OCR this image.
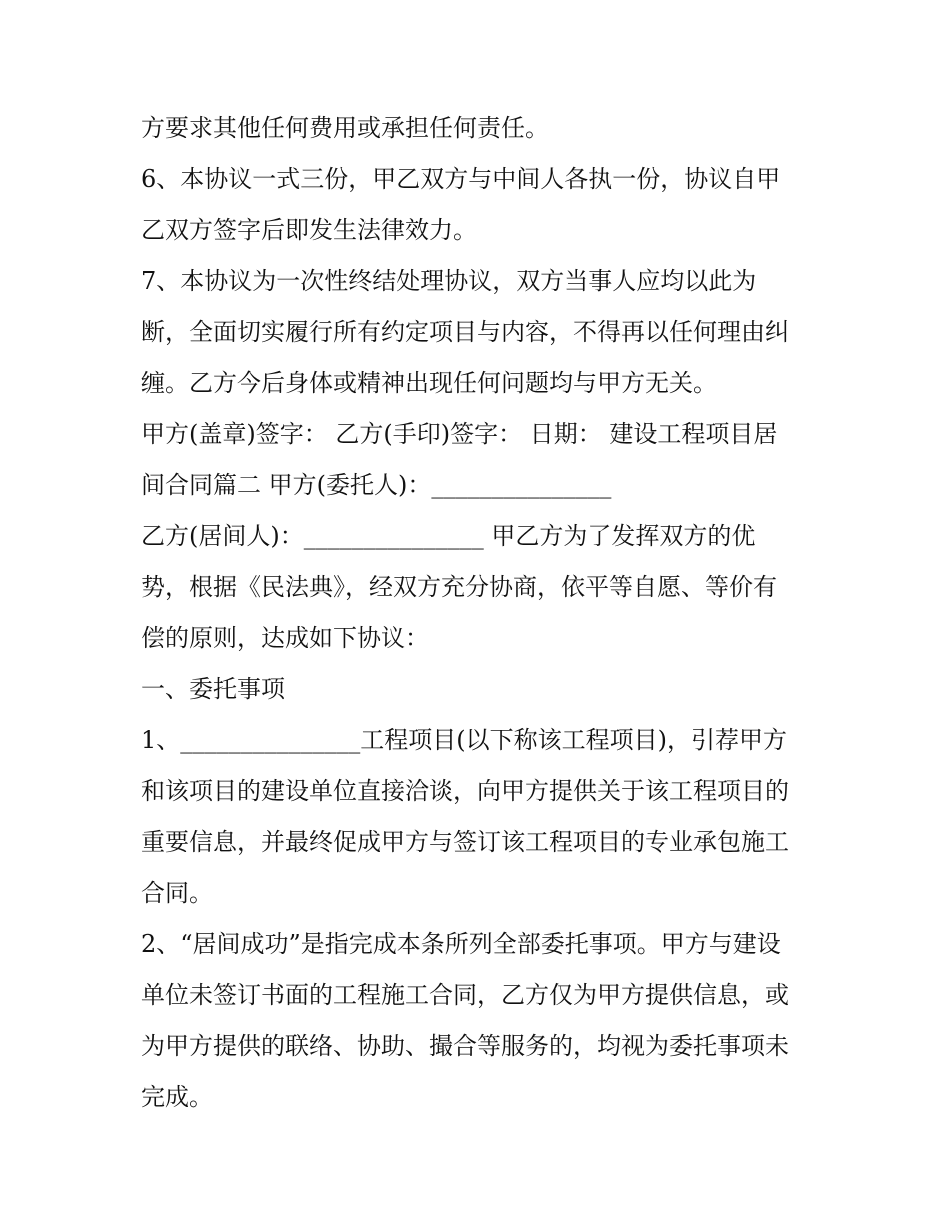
方要求其他任何费用或承担任何责任。
6、本协议一式三份，甲乙双方与中间人各执一份，协议自甲
乙双方签字后即发生法律效力。
7、本协议为一次性终结处理协议，双方当事人应均以此为
断，全面切实履行所有约定项目与内容，不得再以任何理由纠
缠。乙方今后身体或精神出现任何问题均与甲方无关。
甲方(盖章)签字： 乙方(手印)签字： 日期： 建设工程项目居
间合同篇二 甲方(委托人)：_______________
乙方(居间人)：_______________ 甲乙方为了发挥双方的优
势，根据《民法典》，经双方充分协商，依平等自愿、等价有
偿的原则，达成如下协议：
一、委托事项
1、_______________工程项目(以下称该工程项目)，引荐甲方
和该项目的建设单位直接洽谈，向甲方提供关于该工程项目的
重要信息，并最终促成甲方与签订该工程项目的专业承包施工
合同。
2、“居间成功”是指完成本条所列全部委托事项。甲方与建设
单位未签订书面的工程施工合同，乙方仅为甲方提供信息，或
为甲方提供的联络、协助、撮合等服务的，均视为委托事项未
完成。
